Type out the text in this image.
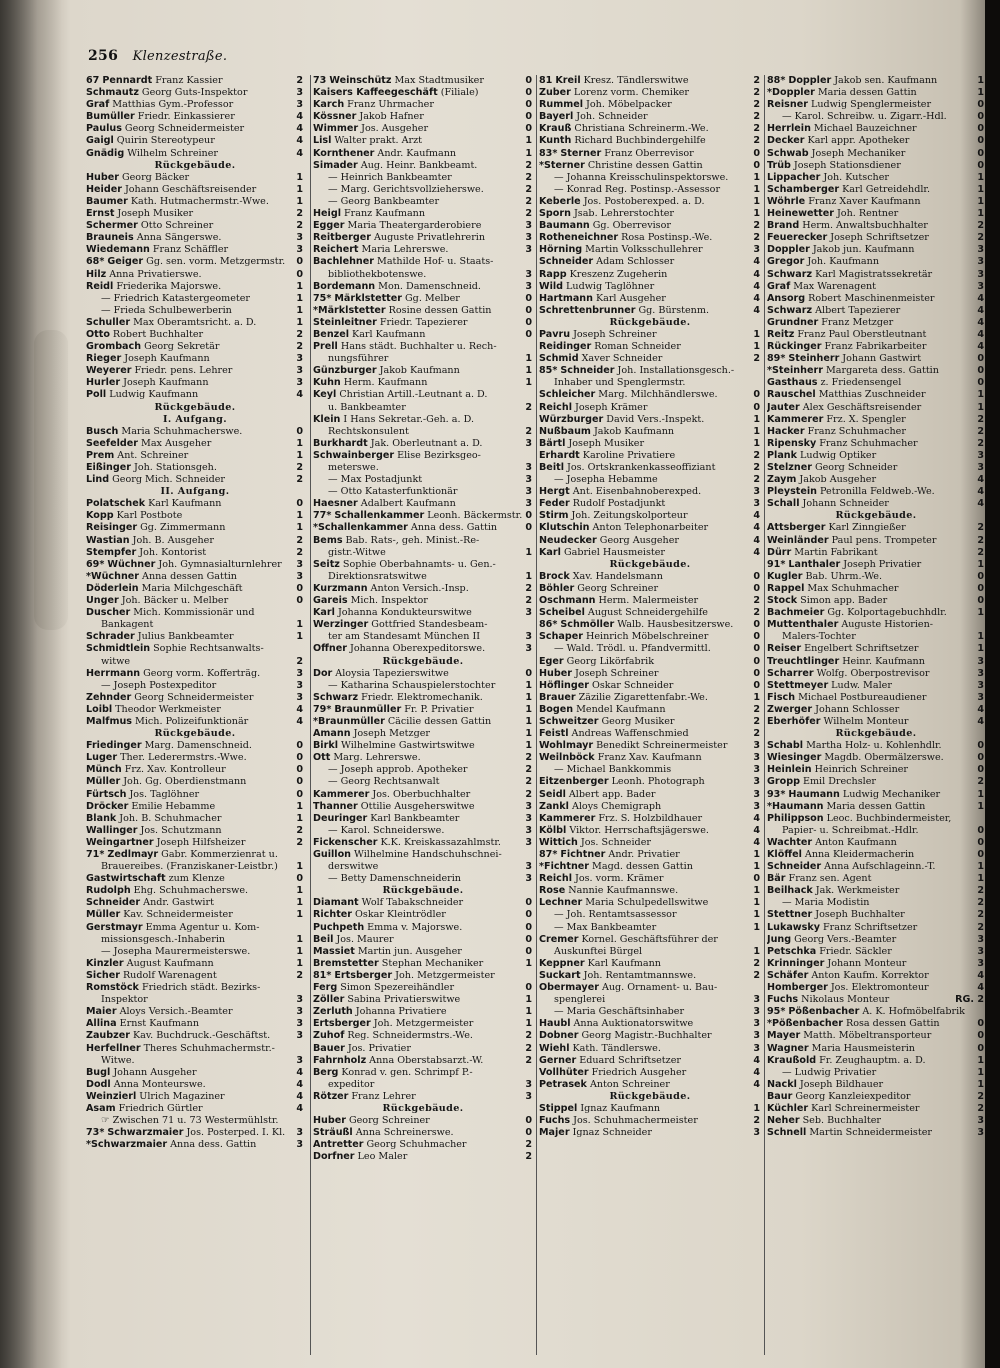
256 Klenzestraße.
67 Pennardt Franz Kassier	2
Schmautz Georg Guts-Inspektor	3
Graf Matthias Gym.-Professor	3
Bumüller Friedr. Einkassierer	4
Paulus Georg Schneidermeister	4
Gaigl Quirin Stereotypeur	4
Gnädig Wilhelm Schreiner	4
Rückgebäude.
Huber Georg Bäcker	1
Heider Johann Geschäftsreisender	1
Baumer Kath. Hutmachermstr.-Wwe.	1
Ernst Joseph Musiker	2
Schermer Otto Schreiner	2
Brauneis Anna Sängerswe.	3
Wiedemann Franz Schäffler	3
68* Geiger Gg. sen. vorm. Metzgermstr. 0
Hilz Anna Privatierswe.	0
Reidl Friederika Majorswe.	1
— Friedrich Katastergeometer	1
— Frieda Schulbewerberin	1
Schuller Max Oberamtsricht. a. D.	1
Otto Robert Buchhalter	2
Grombach Georg Sekretär	2
Rieger Joseph Kaufmann	3
Weyerer Friedr. pens. Lehrer	3
Hurler Joseph Kaufmann	3
Poll Ludwig Kaufmann	4
Rückgebäude.
I. Aufgang.
Busch Maria Schuhmacherswe.	0
Seefelder Max Ausgeher	1
Prem Ant. Schreiner	1
Eißinger Joh. Stationsgeh.	2
Lind Georg Mich. Schneider	2
II. Aufgang.
Polatschek Karl Kaufmann	0
Kopp Karl Postbote	1
Reisinger Gg. Zimmermann	1
Wastian Joh. B. Ausgeher	2
Stempfer Joh. Kontorist	2
69* Wüchner Joh. Gymnasialturnlehrer 3
*Wüchner Anna dessen Gattin	3
Döderlein Maria Milchgeschäft	0
Unger Joh. Bäcker u. Melber	0
Duscher Mich. Kommissionär und
Bankagent	1
Schrader Julius Bankbeamter	1
Schmidtlein Sophie Rechtsanwalts-
witwe	2
Herrmann Georg vorm. Kofferträg.	3
— Joseph Postexpeditor	3
Zehnder Georg Schneidermeister	3
Loibl Theodor Werkmeister	4
Malfmus Mich. Polizeifunktionär	4
Rückgebäude.
Friedinger Marg. Damenschneid.	0
Luger Ther. Lederermstrs.-Wwe.	0
Münch Frz. Xav. Kontrolleur	0
Müller Joh. Gg. Oberdienstmann	0
Fürtsch Jos. Taglöhner	0
Dröcker Emilie Hebamme	1
Blank Joh. B. Schuhmacher	1
Wallinger Jos. Schutzmann	2
Weingartner Joseph Hilfsheizer	2
71* Zedlmayr Gabr. Kommerzienrat u.
Brauereibes. (Franziskaner-Leistbr.) 1
Gastwirtschaft zum Klenze	0
Rudolph Ehg. Schuhmacherswe.	1
Schneider Andr. Gastwirt	1
Müller Kav. Schneidermeister	1
Gerstmayr Emma Agentur u. Kom-
missionsgesch.-Inhaberin	1
— Josepha Maurermeisterswe.	1
Kinzler August Kaufmann	1
Sicher Rudolf Warenagent	2
Romstöck Friedrich städt. Bezirks-
Inspektor	3
Maier Aloys Versich.-Beamter	3
Allina Ernst Kaufmann	3
Zaubzer Kav. Buchdruck.-Geschäftst.	3
Herfellner Theres Schuhmachermstr.-
Witwe.	3
Bugl Johann Ausgeher	4
Dodl Anna Monteurswe.	4
Weinzierl Ulrich Magaziner	4
Asam Friedrich Gürtler	4
☞ Zwischen 71 u. 73 Westermühlstr.
73* Schwarzmaier Jos. Posterped. I. Kl. 3
*Schwarzmaier Anna dess. Gattin	3
73 Weinschütz Max Stadtmusiker	0
Kaisers Kaffeegeschäft (Filiale)	0
Karch Franz Uhrmacher	0
Kössner Jakob Hafner	0
Wimmer Jos. Ausgeher	0
Lisl Walter prakt. Arzt	1
Kornthener Andr. Kaufmann	1
Simader Aug. Heinr. Bankbeamt.	2
— Heinrich Bankbeamter	2
— Marg. Gerichtsvollzieherswe.	2
— Georg Bankbeamter	2
Heigl Franz Kaufmann	2
Egger Maria Theatergarderobiere	3
Reitberger Auguste Privatlehrerin	3
Reichert Maria Lehrerswe.	3
Bachlehner Mathilde Hof- u. Staats-
bibliothekbotenswe.	3
Bordemann Mon. Damenschneid.	3
75* Märklstetter Gg. Melber	0
*Märklstetter Rosine dessen Gattin	0
Steinleitner Friedr. Tapezierer	0
Benzel Karl Kaufmann	0
Prell Hans städt. Buchhalter u. Rech-
nungsführer	1
Günzburger Jakob Kaufmann	1
Kuhn Herm. Kaufmann	1
Keyl Christian Artill.-Leutnant a. D.
u. Bankbeamter	2
Klein I Hans Sekretar.-Geh. a. D.
Rechtskonsulent	2
Burkhardt Jak. Oberleutnant a. D.	3
Schwainberger Elise Bezirksgeo-
meterswe.	3
— Max Postadjunkt	3
— Otto Katasterfunktionär	3
Haesner Adalbert Kaufmann	3
77* Schallenkammer Leonh. Bäckermstr. 0
*Schallenkammer Anna dess. Gattin	0
Bems Bab. Rats-, geh. Minist.-Re-
gistr.-Witwe	1
Seitz Sophie Oberbahnamts- u. Gen.-
Direktionsratswitwe	1
Kurzmann Anton Versich.-Insp.	2
Gareis Mich. Inspektor	2
Karl Johanna Kondukteurswitwe	3
Werzinger Gottfried Standesbeam-
ter am Standesamt München II	3
Offner Johanna Oberexpeditorswe.	3
Rückgebäude.
Dor Aloysia Tapezierswitwe	0
— Katharina Schauspielerstochter	1
Schwarz Friedr. Elektromechanik.	1
79* Braunmüller Fr. P. Privatier	1
*Braunmüller Cäcilie dessen Gattin	1
Amann Joseph Metzger	1
Birkl Wilhelmine Gastwirtswitwe	1
Ott Marg. Lehrerswe.	2
— Joseph approb. Apotheker	2
— Georg Rechtsanwalt	2
Kammerer Jos. Oberbuchhalter	2
Thanner Ottilie Ausgeherswitwe	3
Deuringer Karl Bankbeamter	3
— Karol. Schneiderswe.	3
Fickenscher K.K. Kreiskassazahlmstr.	3
Guillon Wilhelmine Handschuhschnei-
derswitwe	3
— Betty Damenschneiderin	3
Rückgebäude.
Diamant Wolf Tabakschneider	0
Richter Oskar Kleintrödler	0
Puchpeth Emma v. Majorswe.	0
Beil Jos. Maurer	0
Massiet Martin jun. Ausgeher	0
Bremstetter Stephan Mechaniker	1
81* Ertsberger Joh. Metzgermeister
Ferg Simon Spezereihändler	0
Zöller Sabina Privatierswitwe	1
Zerluth Johanna Privatiere	1
Ertsberger Joh. Metzgermeister	1
Zuhof Reg. Schneidermstrs.-We.	2
Bauer Jos. Privatier	2
Fahrnholz Anna Oberstabsarzt.-W.	2
Berg Konrad v. gen. Schrimpf P.-
expeditor	3
Rötzer Franz Lehrer	3
Rückgebäude.
Huber Georg Schreiner	0
Sträußl Anna Schreinerswe.	0
Antretter Georg Schuhmacher	2
Dorfner Leo Maler	2
81 Kreil Kresz. Tändlerswitwe	2
Zuber Lorenz vorm. Chemiker	2
Rummel Joh. Möbelpacker	2
Bayerl Joh. Schneider	2
Krauß Christiana Schreinerm.-We.	2
Kunth Richard Buchbindergehilfe	2
83* Sterner Franz Oberrevisor	0
*Sterner Christine dessen Gattin	0
— Johanna Kreisschulinspektorswe.	1
— Konrad Reg. Postinsp.-Assessor	1
Keberle Jos. Postoberexped. a. D.	1
Sporn Jsab. Lehrerstochter	1
Baumann Gg. Oberrevisor	2
Rotheneichner Rosa Postinsp.-We.	2
Hörning Martin Volksschullehrer	3
Schneider Adam Schlosser	4
Rapp Kreszenz Zugeherin	4
Wild Ludwig Taglöhner	4
Hartmann Karl Ausgeher	4
Schrettenbrunner Gg. Bürstenm.	4
Rückgebäude.
Pavru Joseph Schreiner	1
Reidinger Roman Schneider	1
Schmid Xaver Schneider	2
85* Schneider Joh. Installationsgesch.-
Inhaber und Spenglermstr.
Schleicher Marg. Milchhändlerswe.	0
Reichl Joseph Krämer	0
Würzburger David Vers.-Inspekt.	1
Nußbaum Jakob Kaufmann	1
Bärtl Joseph Musiker	1
Erhardt Karoline Privatiere	2
Beitl Jos. Ortskrankenkasseoffiziant	2
— Josepha Hebamme	2
Hergt Ant. Eisenbahnoberexped.	3
Feder Rudolf Postadjunkt	3
Stirm Joh. Zeitungskolporteur	4
Klutschin Anton Telephonarbeiter	4
Neudecker Georg Ausgeher	4
Karl Gabriel Hausmeister	4
Rückgebäude.
Brock Xav. Handelsmann	0
Böhler Georg Schreiner	0
Oschmann Herm. Malermeister	2
Scheibel August Schneidergehilfe	2
86* Schmöller Walb. Hausbesitzerswe. 0
Schaper Heinrich Möbelschreiner	0
— Wald. Trödl. u. Pfandvermittl.	0
Eger Georg Likörfabrik	0
Huber Joseph Schreiner	0
Höflinger Oskar Schneider	0
Brauer Zäzilie Zigarettenfabr.-We.	1
Bogen Mendel Kaufmann	2
Schweitzer Georg Musiker	2
Feistl Andreas Waffenschmied	2
Wohlmayr Benedikt Schreinermeister	3
Weilnböck Franz Xav. Kaufmann	3
— Michael Bankkommis	3
Eitzenberger Leonh. Photograph	3
Seidl Albert app. Bader	3
Zankl Aloys Chemigraph	3
Kammerer Frz. S. Holzbildhauer	4
Kölbl Viktor. Herrschaftsjägerswe.	4
Wittich Jos. Schneider	4
87* Fichtner Andr. Privatier	1
*Fichtner Magd. dessen Gattin	1
Reichl Jos. vorm. Krämer	0
Rose Nannie Kaufmannswe.	1
Lechner Maria Schulpedellswitwe	1
— Joh. Rentamtsassessor	1
— Max Bankbeamter	1
Cremer Kornel. Geschäftsführer der
Auskunftei Bürgel	1
Keppner Karl Kaufmann	2
Suckart Joh. Rentamtmannswe.	2
Obermayer Aug. Ornament- u. Bau-
spenglerei	3
— Maria Geschäftsinhaber	3
Haubl Anna Auktionatorswitwe	3
Dobner Georg Magistr.-Buchhalter	3
Wiehl Kath. Tändlerswe.	3
Gerner Eduard Schriftsetzer	4
Vollhüter Friedrich Ausgeher	4
Petrasek Anton Schreiner	4
Rückgebäude.
Stippel Ignaz Kaufmann	1
Fuchs Jos. Schuhmachermeister	2
Majer Ignaz Schneider	3
88* Doppler Jakob sen. Kaufmann	1
*Doppler Maria dessen Gattin	1
Reisner Ludwig Spenglermeister	0
— Karol. Schreibw. u. Zigarr.-Hdl.	0
Herrlein Michael Bauzeichner	0
Decker Karl appr. Apotheker	0
Schwab Joseph Mechaniker	0
Trüb Joseph Stationsdiener	0
Lippacher Joh. Kutscher	1
Schamberger Karl Getreidehdlr.	1
Wöhrle Franz Xaver Kaufmann	1
Heinewetter Joh. Rentner	1
Brand Herm. Anwaltsbuchhalter	2
Feuerecker Joseph Schriftsetzer	2
Doppler Jakob jun. Kaufmann	3
Gregor Joh. Kaufmann	3
Schwarz Karl Magistratssekretär	3
Graf Max Warenagent	3
Ansorg Robert Maschinenmeister	4
Schwarz Albert Tapezierer	4
Grundner Franz Metzger	4
Reitz Franz Paul Oberstleutnant	4
Rückinger Franz Fabrikarbeiter	4
89* Steinherr Johann Gastwirt	0
*Steinherr Margareta dess. Gattin	0
Gasthaus z. Friedensengel	0
Rauschel Matthias Zuschneider	1
Jauter Alex Geschäftsreisender	1
Kammerer Frz. X. Spengler	2
Hacker Franz Schuhmacher	2
Ripensky Franz Schuhmacher	2
Plank Ludwig Optiker	3
Stelzner Georg Schneider	3
Zaym Jakob Ausgeher	4
Pleystein Petronilla Feldweb.-We.	4
Schall Johann Schneider	4
Rückgebäude.
Attsberger Karl Zinngießer	2
Weinländer Paul pens. Trompeter	2
Dürr Martin Fabrikant	2
91* Lanthaler Joseph Privatier	1
Kugler Bab. Uhrm.-We.	0
Rappel Max Schuhmacher	0
Stock Simon app. Bader	0
Bachmeier Gg. Kolportagebuchhdlr.	1
Muttenthaler Auguste Historien-
Malers-Tochter	1
Reiser Engelbert Schriftsetzer	1
Treuchtlinger Heinr. Kaufmann	3
Scharrer Wolfg. Oberpostrevisor	3
Stettmeyer Ludw. Maler	3
Fisch Michael Postbureaudiener	3
Zwerger Johann Schlosser	4
Eberhöfer Wilhelm Monteur	4
Rückgebäude.
Schabl Martha Holz- u. Kohlenhdlr.	0
Wiesinger Magdb. Obermälzerswe.	0
Heinlein Heinrich Schreiner	0
Gropp Emil Drechsler	2
93* Haumann Ludwig Mechaniker	1
*Haumann Maria dessen Gattin	1
Philippson Leoc. Buchbindermeister,
Papier- u. Schreibmat.-Hdlr.	0
Wachter Anton Kaufmann	0
Klöffel Anna Kleidermacherin	0
Schneider Anna Aufschlageinn.-T.	1
Bär Franz sen. Agent	1
Beilhack Jak. Werkmeister	2
— Maria Modistin	2
Stettner Joseph Buchhalter	2
Lukawsky Franz Schriftsetzer	2
Jung Georg Vers.-Beamter	3
Petschka Friedr. Säckler	3
Krinninger Johann Monteur	3
Schäfer Anton Kaufm. Korrektor	4
Homberger Jos. Elektromonteur	4
Fuchs Nikolaus Monteur	RG. 2
95* Pößenbacher A. K. Hofmöbelfabrik
*Pößenbacher Rosa dessen Gattin	0
Mayer Matth. Möbeltransporteur	0
Wagner Maria Hausmeisterin	0
Kraußold Fr. Zeughauptm. a. D.	1
— Ludwig Privatier	1
Nackl Joseph Bildhauer	1
Baur Georg Kanzleiexpeditor	2
Küchler Karl Schreinermeister	2
Neher Seb. Buchhalter	3
Schnell Martin Schneidermeister	3
